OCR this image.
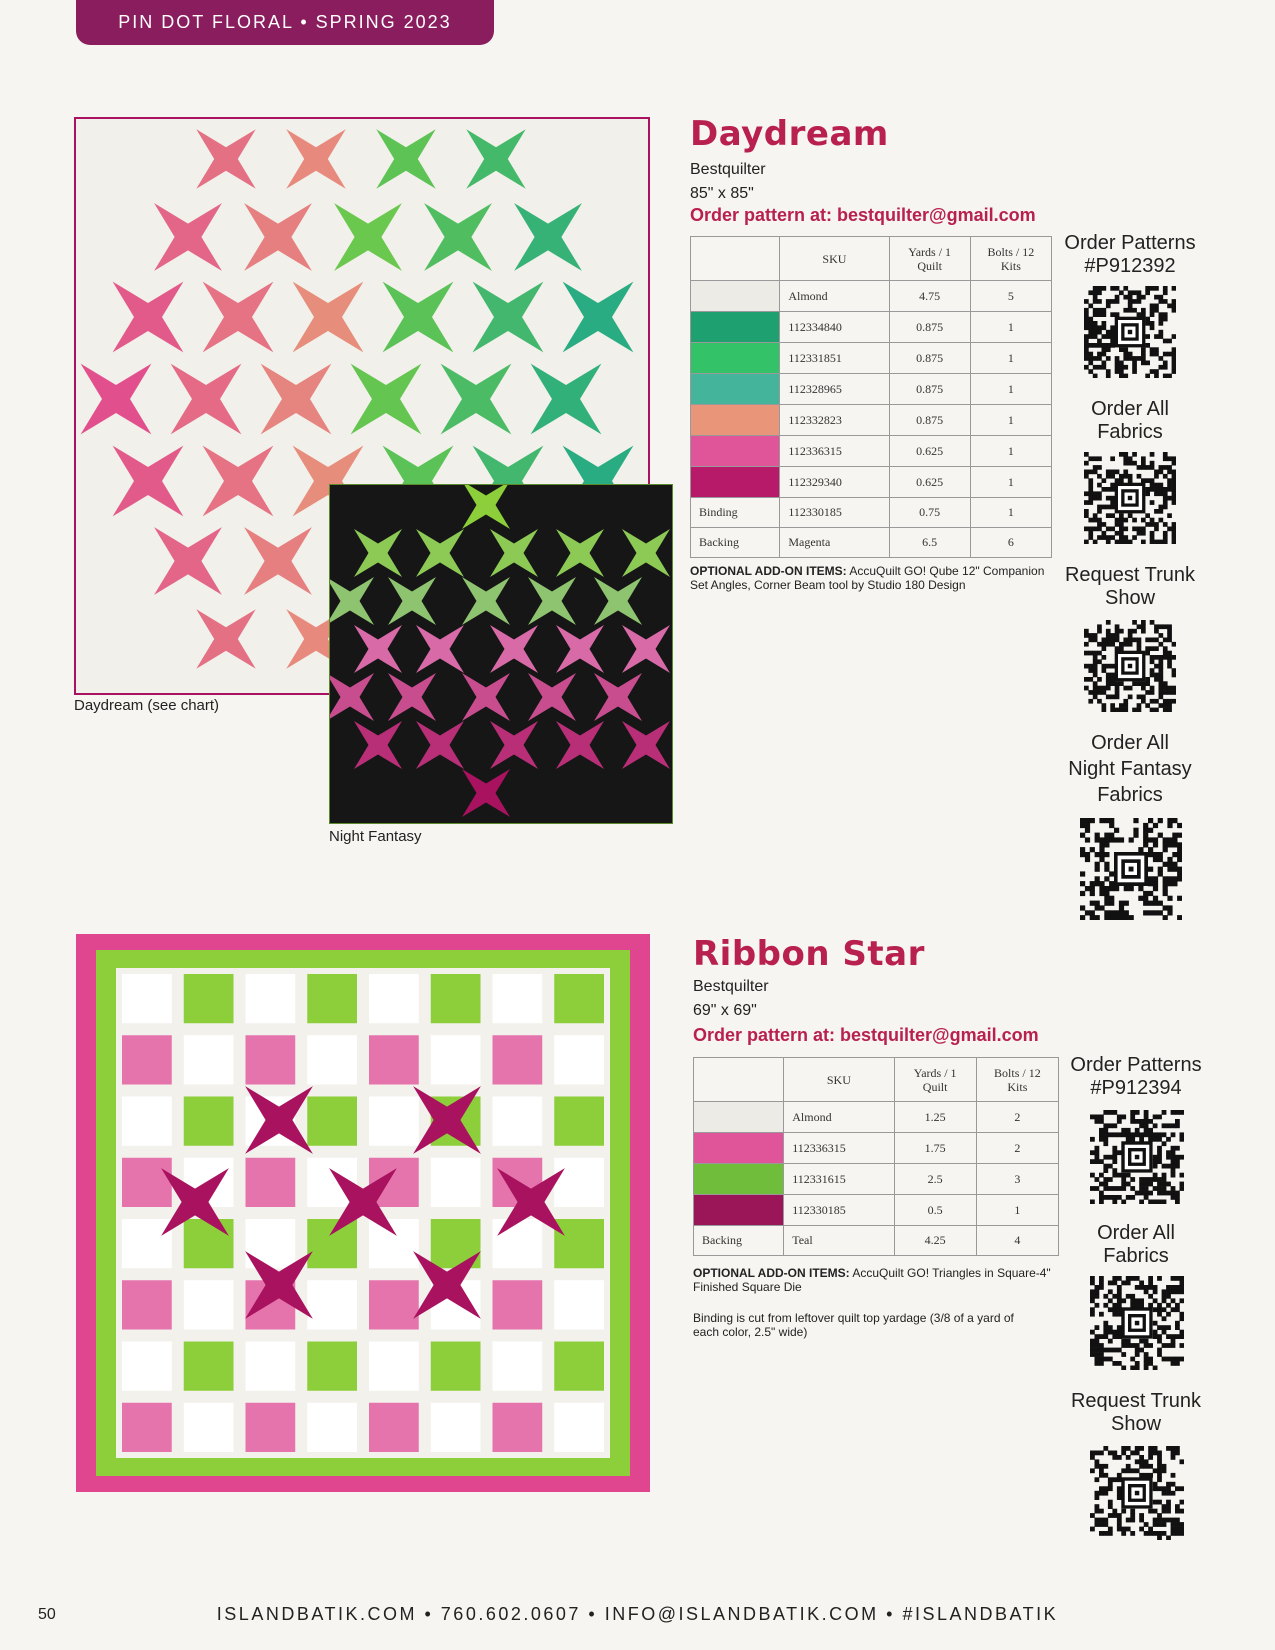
PIN DOT FLORAL • SPRING 2023
Daydream (see chart)
Night Fantasy
Daydream
Bestquilter
85" x 85"
Order pattern at: bestquilter@gmail.com
	SKU	Yards / 1 Quilt	Bolts / 12 Kits

	Almond	4.75	5

	112334840	0.875	1

	112331851	0.875	1

	112328965	0.875	1

	112332823	0.875	1

	112336315	0.625	1

	112329340	0.625	1
Binding	112330185	0.75	1
Backing	Magenta	6.5	6
OPTIONAL ADD-ON ITEMS: AccuQuilt GO! Qube 12" Companion Set Angles, Corner Beam tool by Studio 180 Design
Order Patterns
#P912392
Order All
Fabrics
Request Trunk
Show
Order All
Night Fantasy
Fabrics
Ribbon Star
Bestquilter
69" x 69"
Order pattern at: bestquilter@gmail.com
	SKU	Yards / 1 Quilt	Bolts / 12 Kits

	Almond	1.25	2

	112336315	1.75	2

	112331615	2.5	3

	112330185	0.5	1
Backing	Teal	4.25	4
OPTIONAL ADD-ON ITEMS: AccuQuilt GO! Triangles in Square-4" Finished Square Die
Binding is cut from leftover quilt top yardage (3/8 of a yard of each color, 2.5" wide)
Order Patterns
#P912394
Order All
Fabrics
Request Trunk
Show
50	ISLANDBATIK.COM • 760.602.0607 • INFO@ISLANDBATIK.COM • #ISLANDBATIK
